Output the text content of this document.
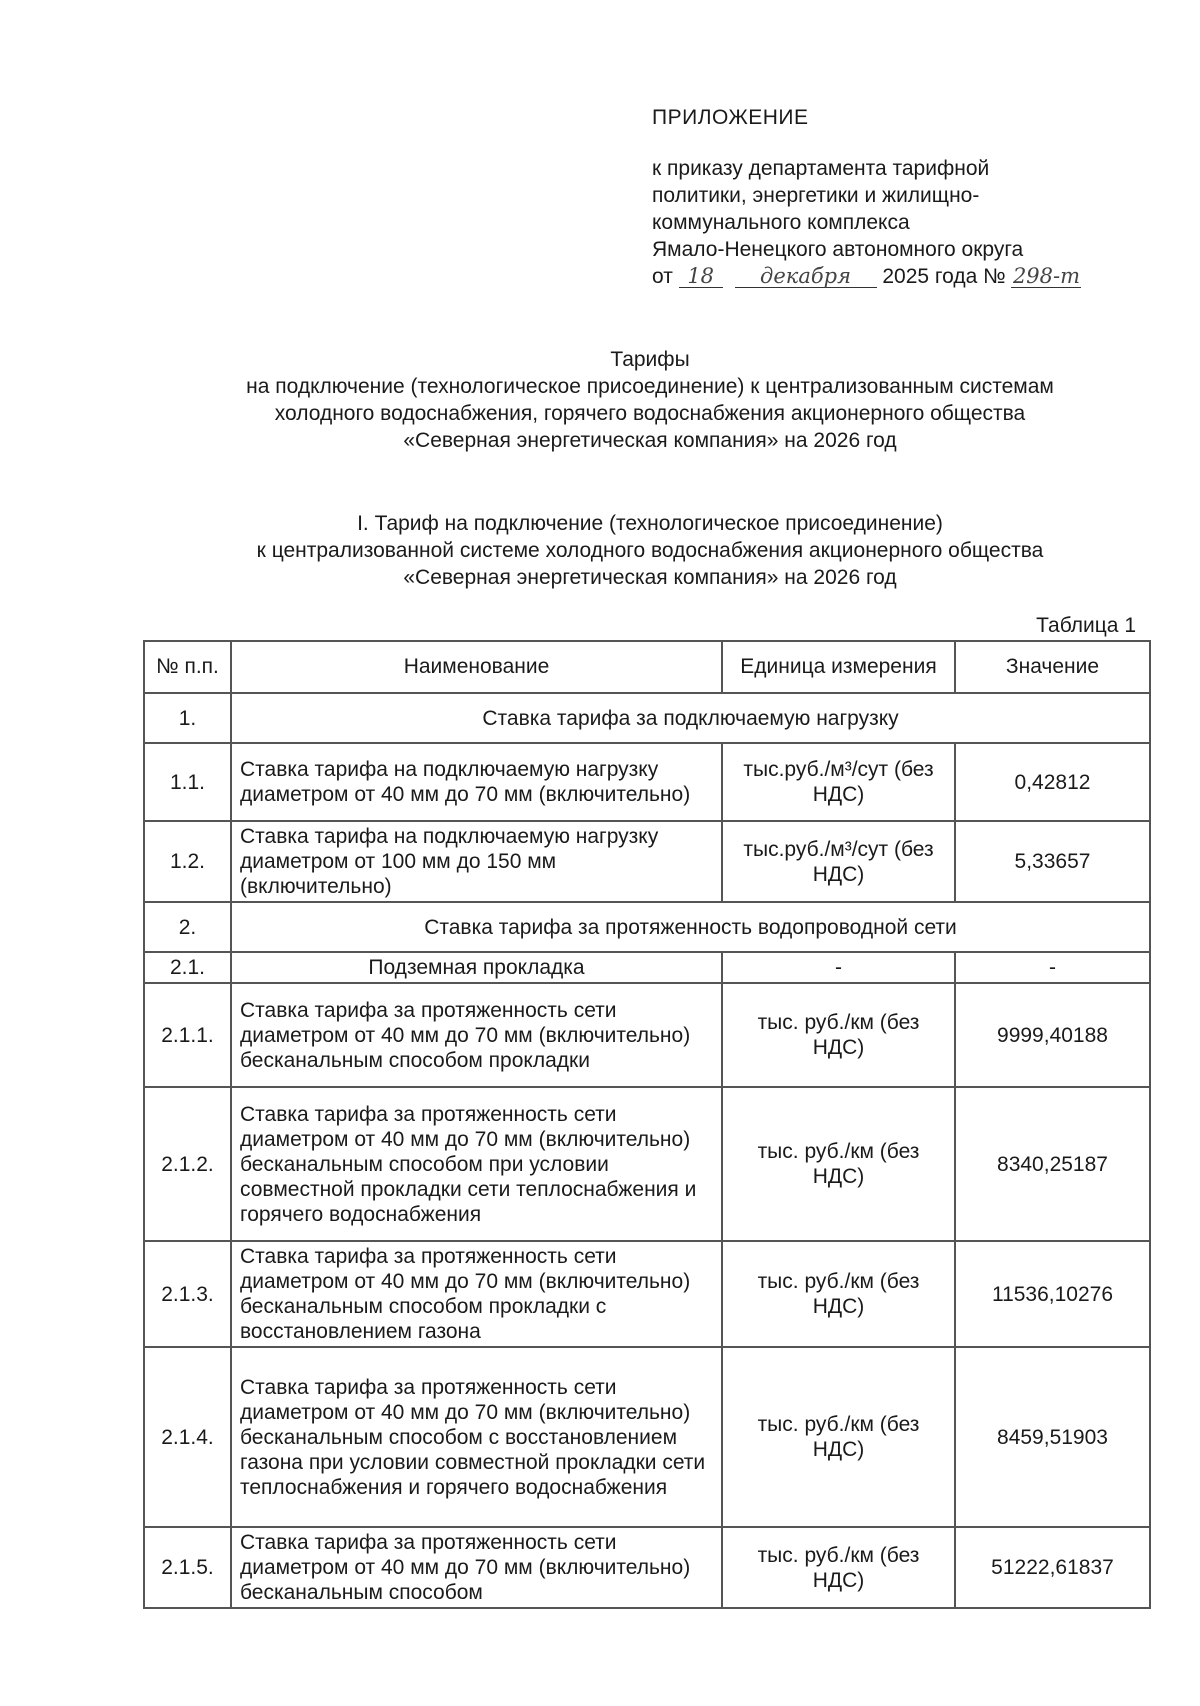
ПРИЛОЖЕНИЕ
к приказу департамента тарифной
политики, энергетики и жилищно-
коммунального комплекса
Ямало-Ненецкого автономного округа
от 18 декабря 2025 года № 298-т
Тарифы
на подключение (технологическое присоединение) к централизованным системам
холодного водоснабжения, горячего водоснабжения акционерного общества
«Северная энергетическая компания» на 2026 год
I. Тариф на подключение (технологическое присоединение)
к централизованной системе холодного водоснабжения акционерного общества
«Северная энергетическая компания» на 2026 год
Таблица 1
№ п.п.	Наименование	Единица измерения	Значение
1.	Ставка тарифа за подключаемую нагрузку		
1.1.	Ставка тарифа на подключаемую нагрузку диаметром от 40 мм до 70 мм (включительно)	тыс.руб./м³/сут (без НДС)	0,42812
1.2.	Ставка тарифа на подключаемую нагрузку диаметром от 100 мм до 150 мм (включительно)	тыс.руб./м³/сут (без НДС)	5,33657
2.	Ставка тарифа за протяженность водопроводной сети		
2.1.	Подземная прокладка	-	-
2.1.1.	Ставка тарифа за протяженность сети диаметром от 40 мм до 70 мм (включительно) бесканальным способом прокладки	тыс. руб./км (без НДС)	9999,40188
2.1.2.	Ставка тарифа за протяженность сети диаметром от 40 мм до 70 мм (включительно) бесканальным способом при условии совместной прокладки сети теплоснабжения и горячего водоснабжения	тыс. руб./км (без НДС)	8340,25187
2.1.3.	Ставка тарифа за протяженность сети диаметром от 40 мм до 70 мм (включительно) бесканальным способом прокладки с восстановлением газона	тыс. руб./км (без НДС)	11536,10276
2.1.4.	Ставка тарифа за протяженность сети диаметром от 40 мм до 70 мм (включительно) бесканальным способом с восстановлением газона при условии совместной прокладки сети теплоснабжения и горячего водоснабжения	тыс. руб./км (без НДС)	8459,51903
2.1.5.	Ставка тарифа за протяженность сети диаметром от 40 мм до 70 мм (включительно) бесканальным способом	тыс. руб./км (без НДС)	51222,61837
